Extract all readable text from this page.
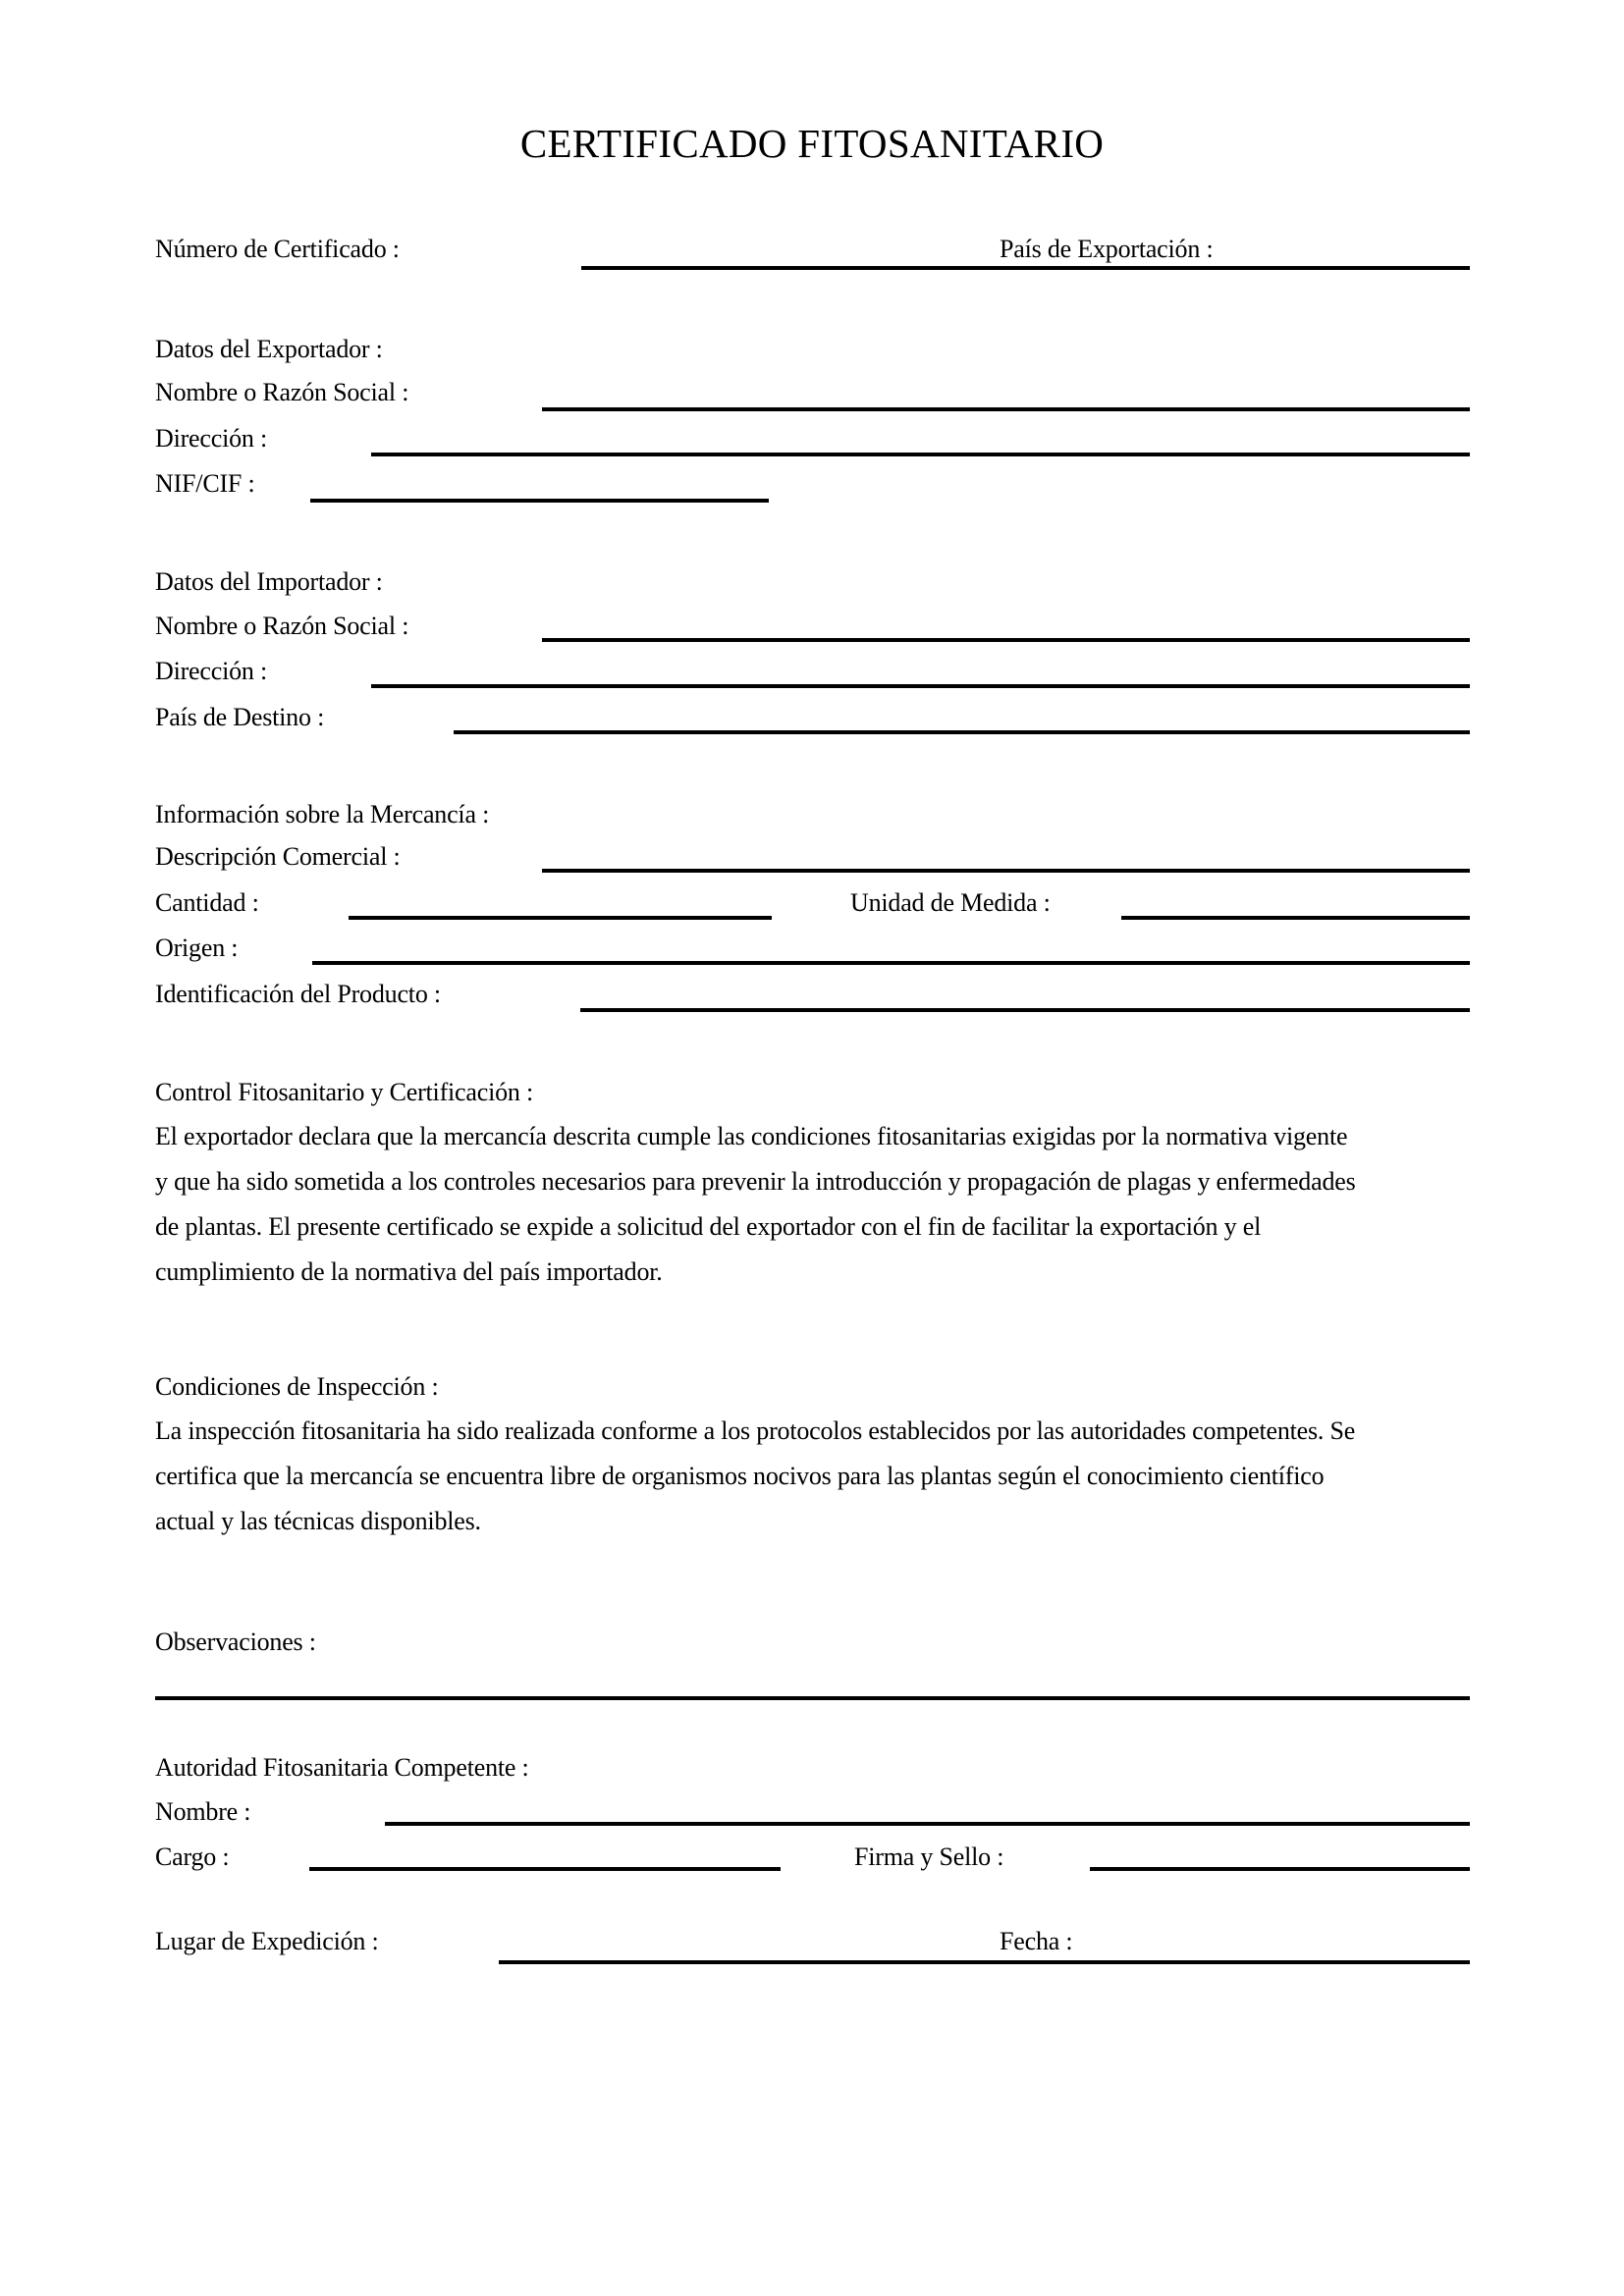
CERTIFICADO FITOSANITARIO
Número de Certificado :	País de Exportación :
Datos del Exportador :
Nombre o Razón Social :
Dirección :
NIF/CIF :
Datos del Importador :
Nombre o Razón Social :
Dirección :
País de Destino :
Información sobre la Mercancía :
Descripción Comercial :
Cantidad :	Unidad de Medida :
Origen :
Identificación del Producto :
Control Fitosanitario y Certificación :
El exportador declara que la mercancía descrita cumple las condiciones fitosanitarias exigidas por la normativa vigente
y que ha sido sometida a los controles necesarios para prevenir la introducción y propagación de plagas y enfermedades
de plantas. El presente certificado se expide a solicitud del exportador con el fin de facilitar la exportación y el
cumplimiento de la normativa del país importador.
Condiciones de Inspección :
La inspección fitosanitaria ha sido realizada conforme a los protocolos establecidos por las autoridades competentes. Se
certifica que la mercancía se encuentra libre de organismos nocivos para las plantas según el conocimiento científico
actual y las técnicas disponibles.
Observaciones :
Autoridad Fitosanitaria Competente :
Nombre :
Cargo :	Firma y Sello :
Lugar de Expedición :	Fecha :
